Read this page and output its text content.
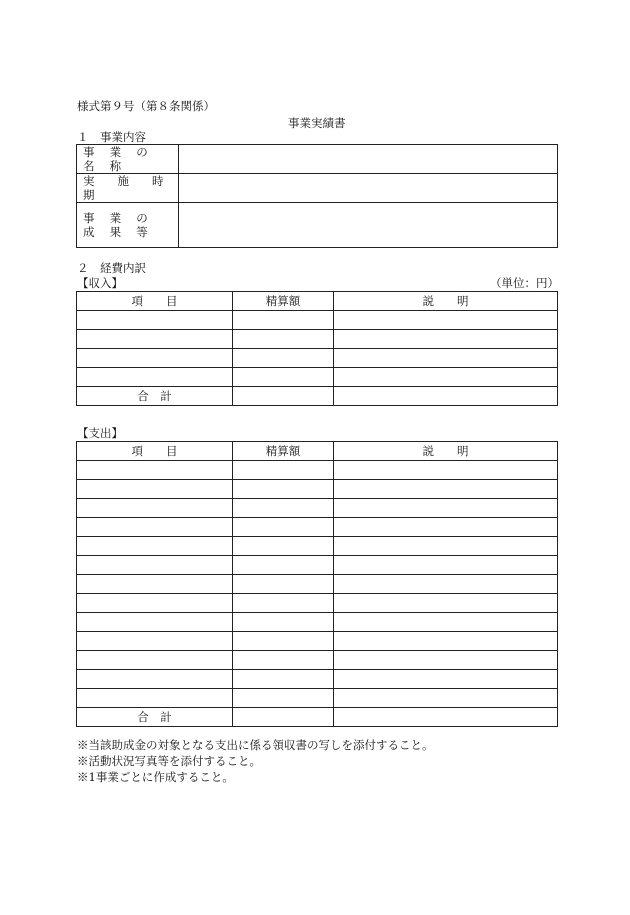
様式第９号（第８条関係）
事業実績書
１　事業内容
事 業 の 名 称	
実　施　時　期	
事 業 の 成 果 等	
２　経費内訳
【収入】	（単位：円）
項　　目	精算額	説　　明

合　計		
【支出】
項　　目	精算額	説　　明

合　計		
※当該助成金の対象となる支出に係る領収書の写しを添付すること。
※活動状況写真等を添付すること。
※1事業ごとに作成すること。
